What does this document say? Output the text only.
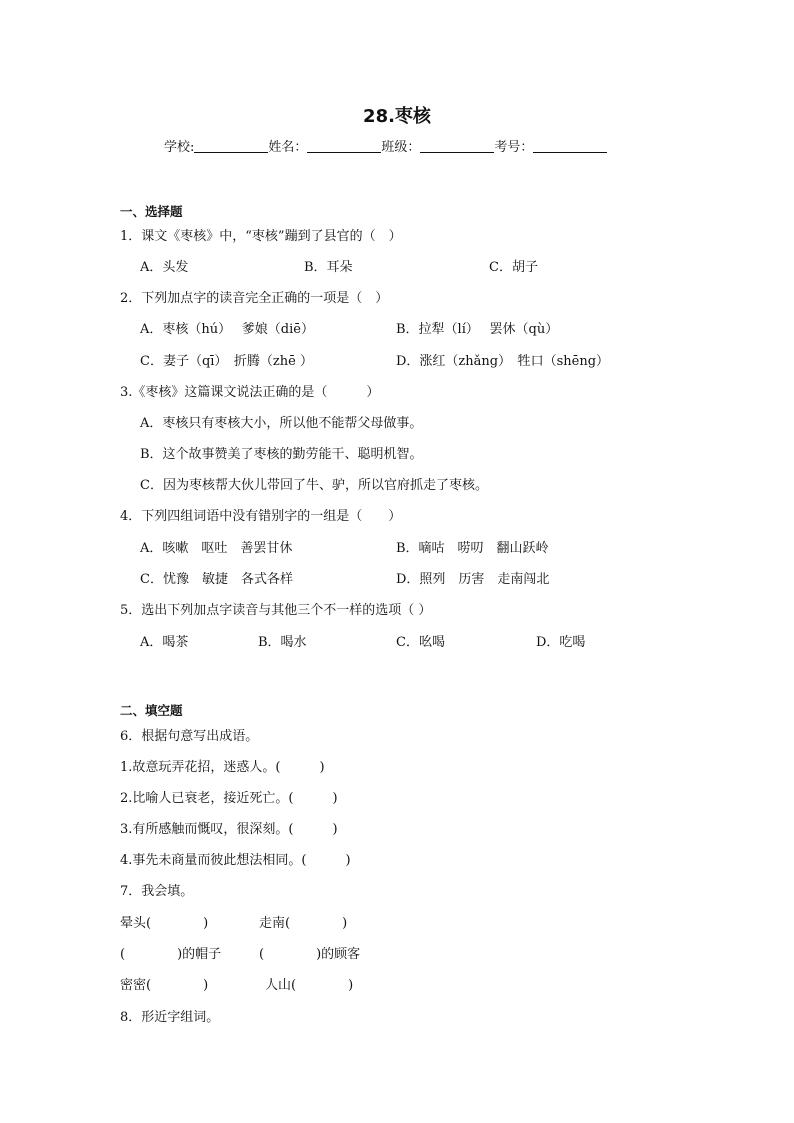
28.枣核
学校:	姓名：	班级：	考号：
一、选择题
1．课文《枣核》中，“枣核”蹦到了县官的（　）
A．头发	B．耳朵	C．胡子
2．下列加点字的读音完全正确的一项是（　）
A．枣核（hú）　 爹娘（diē）	B．拉犁（lí）　 罢休（qù）
C．妻子（qī）　折腾（zhē ）	D．涨红（zhǎng）　牲口（shēng）
3.《枣核》这篇课文说法正确的是（　　　）
A．枣核只有枣核大小，所以他不能帮父母做事。
B．这个故事赞美了枣核的勤劳能干、聪明机智。
C．因为枣核帮大伙儿带回了牛、驴，所以官府抓走了枣核。
4．下列四组词语中没有错别字的一组是（　　）
A．咳嗽　呕吐　善罢甘休	B．嘀咕　唠叨　翻山跃岭
C．忧豫　敏捷　各式各样	D．照列　历害　走南闯北
5．选出下列加点字读音与其他三个不一样的选项（ ）
A．喝茶	B．喝水	C．吆喝	D．吃喝
二、填空题
6．根据句意写出成语。
1.故意玩弄花招，迷惑人。(　　　)
2.比喻人已衰老，接近死亡。(　　　)
3.有所感触而慨叹，很深刻。(　　　)
4.事先未商量而彼此想法相同。(　　　)
7．我会填。
晕头(　　　　)	走南(　　　　)
(　　　　)的帽子	(　　　　)的顾客
密密(　　　　)	人山(　　　　)
8．形近字组词。
